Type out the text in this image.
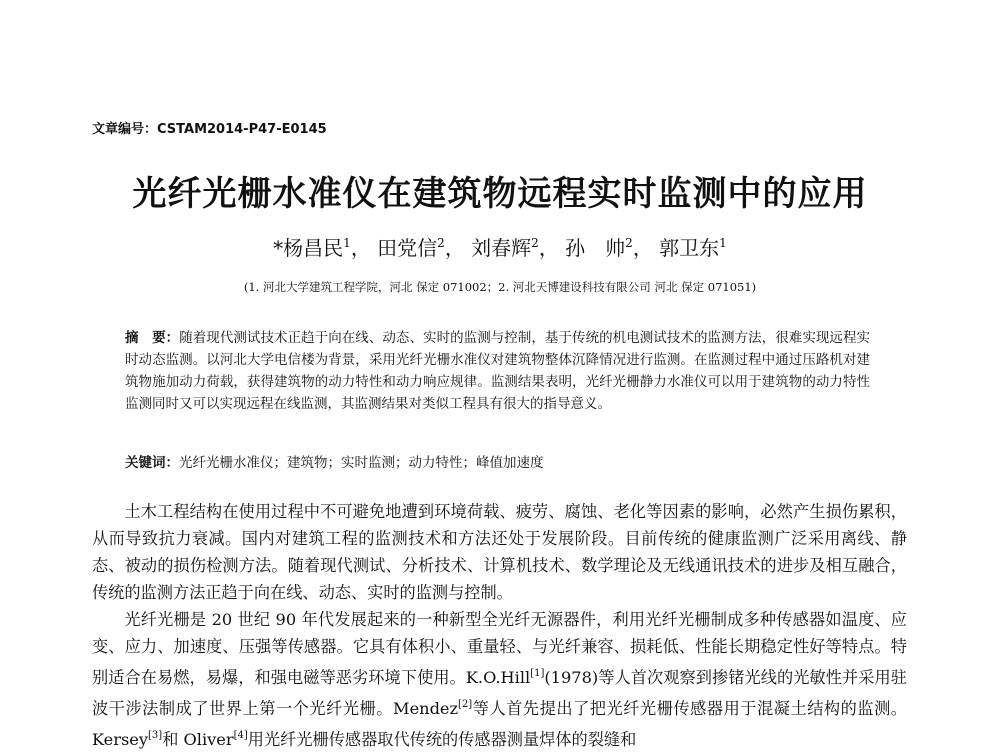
文章编号：CSTAM2014-P47-E0145
光纤光栅水准仪在建筑物远程实时监测中的应用
*杨昌民$^1$， 田党信$^2$， 刘春辉$^2$， 孙　帅$^2$， 郭卫东$^1$
(1. 河北大学建筑工程学院，河北 保定 071002；2. 河北天博建设科技有限公司 河北 保定 071051)
摘　要：随着现代测试技术正趋于向在线、动态、实时的监测与控制，基于传统的机电测试技术的监测方法，很难实现远程实时动态监测。以河北大学电信楼为背景，采用光纤光栅水准仪对建筑物整体沉降情况进行监测。在监测过程中通过压路机对建筑物施加动力荷载，获得建筑物的动力特性和动力响应规律。监测结果表明，光纤光栅静力水准仪可以用于建筑物的动力特性监测同时又可以实现远程在线监测，其监测结果对类似工程具有很大的指导意义。
关键词：光纤光栅水准仪；建筑物；实时监测；动力特性；峰值加速度

土木工程结构在使用过程中不可避免地遭到环境荷载、疲劳、腐蚀、老化等因素的影响，必然产生损伤累积，从而导致抗力衰减。国内对建筑工程的监测技术和方法还处于发展阶段。目前传统的健康监测广泛采用离线、静态、被动的损伤检测方法。随着现代测试、分析技术、计算机技术、数学理论及无线通讯技术的进步及相互融合，传统的监测方法正趋于向在线、动态、实时的监测与控制。

光纤光栅是 20 世纪 90 年代发展起来的一种新型全光纤无源器件，利用光纤光栅制成多种传感器如温度、应变、应力、加速度、压强等传感器。它具有体积小、重量轻、与光纤兼容、损耗低、性能长期稳定性好等特点。特别适合在易燃，易爆，和强电磁等恶劣环境下使用。K.O.Hill[1](1978)等人首次观察到掺锗光线的光敏性并采用驻波干涉法制成了世界上第一个光纤光栅。Mendez[2]等人首先提出了把光纤光栅传感器用于混凝土结构的监测。Kersey[3]和 Oliver[4]用光纤光栅传感器取代传统的传感器测量焊体的裂缝和
